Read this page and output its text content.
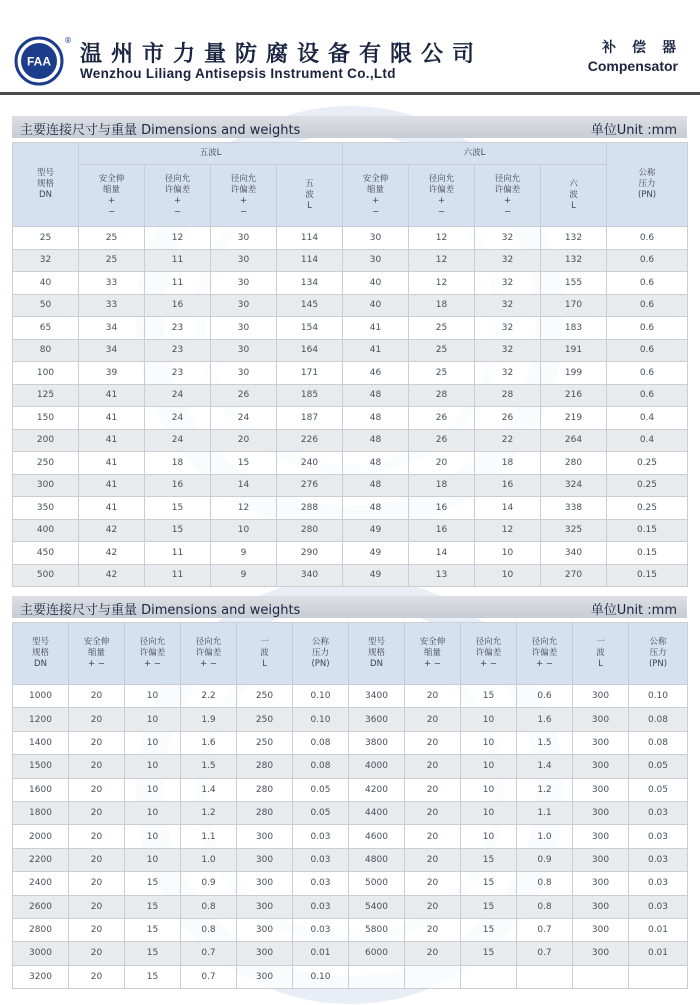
FAA
®
温州市力量防腐设备有限公司
Wenzhou Liliang Antisepsis Instrument Co.,Ltd
补偿器
Compensator
主要连接尺寸与重量 Dimensions and weights	单位Unit :mm
型号
规格
DN	五波L				六波L				公称
压力
(PN)

	安全伸
缩量
+
−	径向允
许偏差
+
−	径向允
许偏差
+
−	五
波
L	安全伸
缩量
+
−	径向允
许偏差
+
−	径向允
许偏差
+
−	六
波
L	

25	25	12	30	114	30	12	32	132	0.6
32	25	11	30	114	30	12	32	132	0.6
40	33	11	30	134	40	12	32	155	0.6
50	33	16	30	145	40	18	32	170	0.6
65	34	23	30	154	41	25	32	183	0.6
80	34	23	30	164	41	25	32	191	0.6
100	39	23	30	171	46	25	32	199	0.6
125	41	24	26	185	48	28	28	216	0.6
150	41	24	24	187	48	26	26	219	0.4
200	41	24	20	226	48	26	22	264	0.4
250	41	18	15	240	48	20	18	280	0.25
300	41	16	14	276	48	18	16	324	0.25
350	41	15	12	288	48	16	14	338	0.25
400	42	15	10	280	49	16	12	325	0.15
450	42	11	9	290	49	14	10	340	0.15
500	42	11	9	340	49	13	10	270	0.15
主要连接尺寸与重量 Dimensions and weights	单位Unit :mm
型号
规格
DN	安全伸
缩量
+ −	径向允
许偏差
+ −	径向允
许偏差
+ −	一
波
L	公称
压力
(PN)	型号
规格
DN	安全伸
缩量
+ −	径向允
许偏差
+ −	径向允
许偏差
+ −	一
波
L	公称
压力
(PN)

1000	20	10	2.2	250	0.10	3400	20	15	0.6	300	0.10
1200	20	10	1.9	250	0.10	3600	20	10	1.6	300	0.08
1400	20	10	1.6	250	0.08	3800	20	10	1.5	300	0.08
1500	20	10	1.5	280	0.08	4000	20	10	1.4	300	0.05
1600	20	10	1.4	280	0.05	4200	20	10	1.2	300	0.05
1800	20	10	1.2	280	0.05	4400	20	10	1.1	300	0.03
2000	20	10	1.1	300	0.03	4600	20	10	1.0	300	0.03
2200	20	10	1.0	300	0.03	4800	20	15	0.9	300	0.03
2400	20	15	0.9	300	0.03	5000	20	15	0.8	300	0.03
2600	20	15	0.8	300	0.03	5400	20	15	0.8	300	0.03
2800	20	15	0.8	300	0.03	5800	20	15	0.7	300	0.01
3000	20	15	0.7	300	0.01	6000	20	15	0.7	300	0.01
3200	20	15	0.7	300	0.10						
